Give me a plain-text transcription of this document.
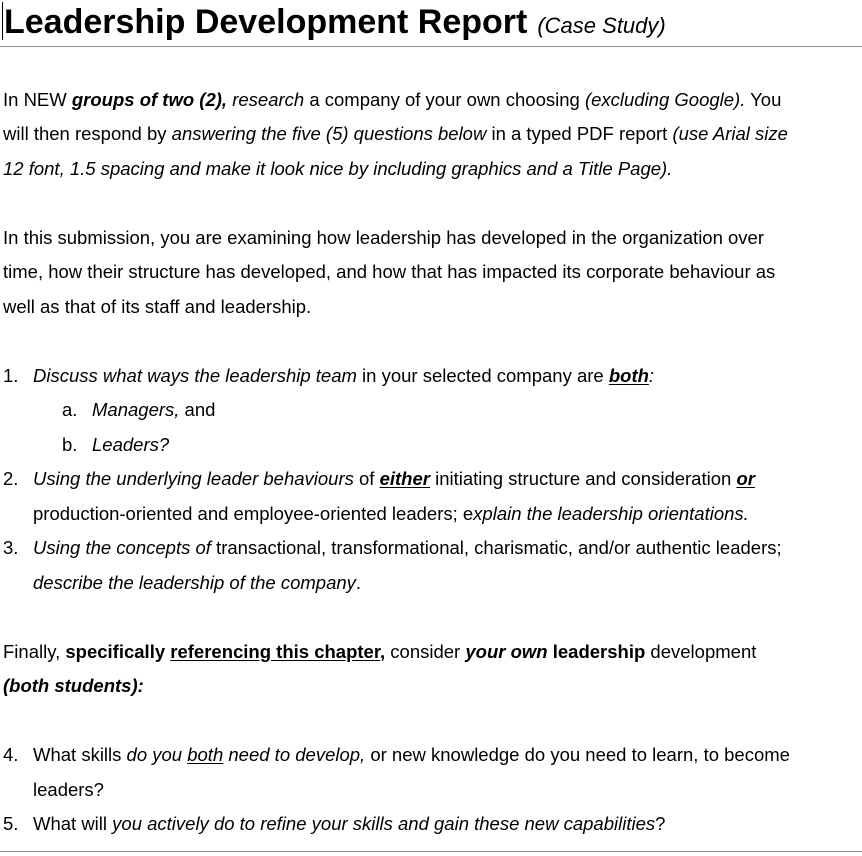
Leadership Development Report (Case Study)
In NEW groups of two (2), research a company of your own choosing (excluding Google). You
will then respond by answering the five (5) questions below in a typed PDF report (use Arial size
12 font, 1.5 spacing and make it look nice by including graphics and a Title Page).
In this submission, you are examining how leadership has developed in the organization over
time, how their structure has developed, and how that has impacted its corporate behaviour as
well as that of its staff and leadership.
1. Discuss what ways the leadership team in your selected company are both:
a. Managers, and
b. Leaders?
2. Using the underlying leader behaviours of either initiating structure and consideration or
production-oriented and employee-oriented leaders; explain the leadership orientations.
3. Using the concepts of transactional, transformational, charismatic, and/or authentic leaders;
describe the leadership of the company.
Finally, specifically referencing this chapter, consider your own leadership development
(both students):
4. What skills do you both need to develop, or new knowledge do you need to learn, to become
leaders?
5. What will you actively do to refine your skills and gain these new capabilities?
